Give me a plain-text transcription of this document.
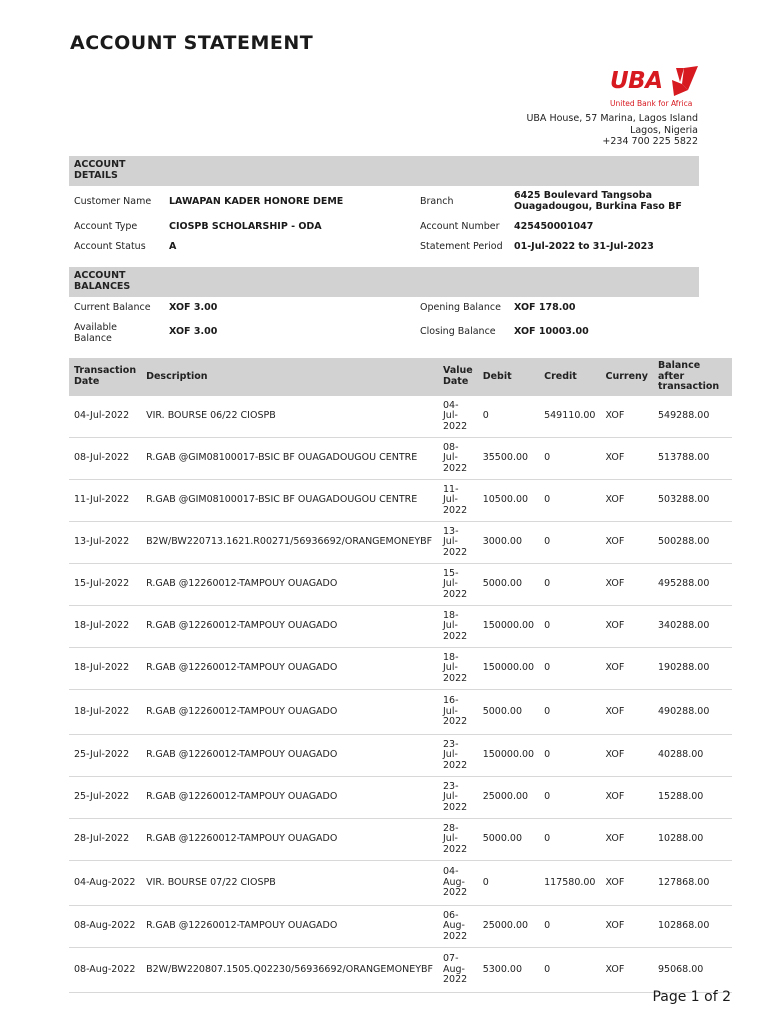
ACCOUNT STATEMENT
UBA
United Bank for Africa
UBA House, 57 Marina, Lagos Island
Lagos, Nigeria
+234 700 225 5822
ACCOUNT DETAILS
Customer Name LAWAPAN KADER HONORE DEME	Branch
6425 Boulevard Tangsoba
Ouagadougou, Burkina Faso BF
Account Type	CIOSPB SCHOLARSHIP - ODA	Account Number 425450001047
Account Status A	Statement Period 01-Jul-2022 to 31-Jul-2023
ACCOUNT BALANCES
Current Balance XOF 3.00	Opening Balance XOF 178.00
Available Balance
XOF 3.00	Closing Balance XOF 10003.00
Transaction Date	Description	Value Date	Debit	Credit	Curreny	Balance after transaction
04-Jul-2022	VIR. BOURSE 06/22 CIOSPB	04-Jul-2022	0	549110.00	XOF	549288.00
08-Jul-2022	R.GAB @GIM08100017-BSIC BF OUAGADOUGOU CENTRE	08-Jul-2022	35500.00	0	XOF	513788.00
11-Jul-2022	R.GAB @GIM08100017-BSIC BF OUAGADOUGOU CENTRE	11-Jul-2022	10500.00	0	XOF	503288.00
13-Jul-2022	B2W/BW220713.1621.R00271/56936692/ORANGEMONEYBF	13-Jul-2022	3000.00	0	XOF	500288.00
15-Jul-2022	R.GAB @12260012-TAMPOUY OUAGADO	15-Jul-2022	5000.00	0	XOF	495288.00
18-Jul-2022	R.GAB @12260012-TAMPOUY OUAGADO	18-Jul-2022	150000.00	0	XOF	340288.00
18-Jul-2022	R.GAB @12260012-TAMPOUY OUAGADO	18-Jul-2022	150000.00	0	XOF	190288.00
18-Jul-2022	R.GAB @12260012-TAMPOUY OUAGADO	16-Jul-2022	5000.00	0	XOF	490288.00
25-Jul-2022	R.GAB @12260012-TAMPOUY OUAGADO	23-Jul-2022	150000.00	0	XOF	40288.00
25-Jul-2022	R.GAB @12260012-TAMPOUY OUAGADO	23-Jul-2022	25000.00	0	XOF	15288.00
28-Jul-2022	R.GAB @12260012-TAMPOUY OUAGADO	28-Jul-2022	5000.00	0	XOF	10288.00
04-Aug-2022	VIR. BOURSE 07/22 CIOSPB	04-Aug-2022	0	117580.00	XOF	127868.00
08-Aug-2022	R.GAB @12260012-TAMPOUY OUAGADO	06-Aug-2022	25000.00	0	XOF	102868.00
08-Aug-2022	B2W/BW220807.1505.Q02230/56936692/ORANGEMONEYBF	07-Aug-2022	5300.00	0	XOF	95068.00
Page 1 of 2
